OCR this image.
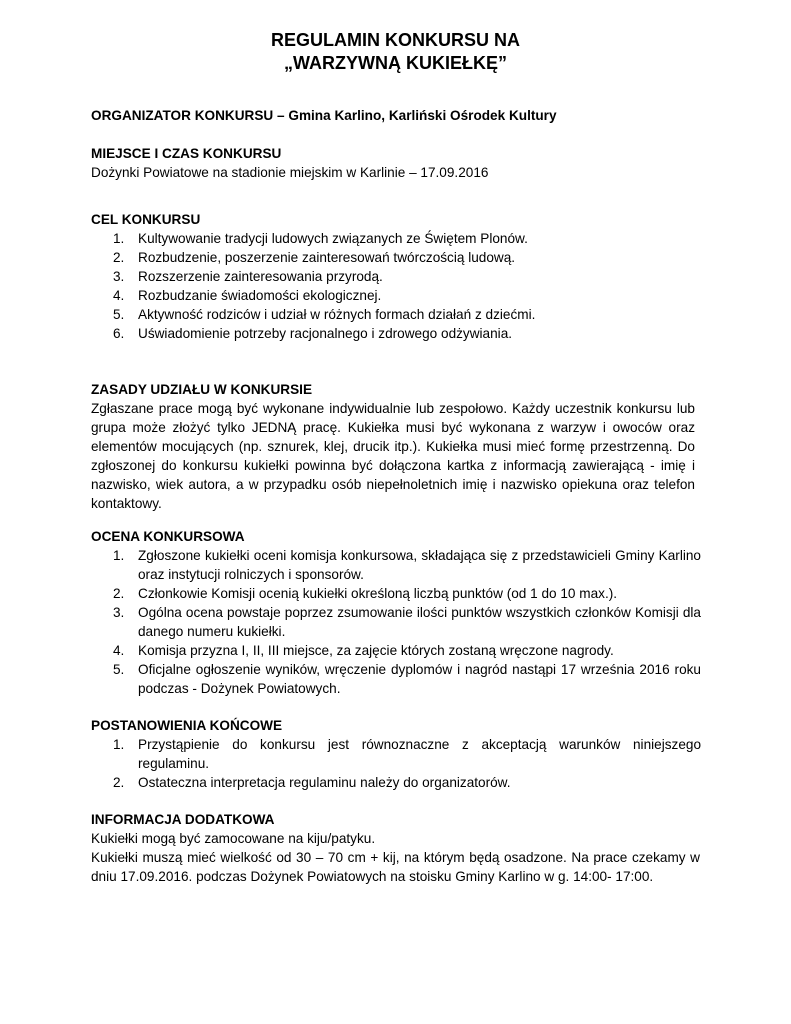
REGULAMIN KONKURSU NA
„WARZYWNĄ KUKIEŁKĘ”
ORGANIZATOR KONKURSU – Gmina Karlino, Karliński Ośrodek Kultury
MIEJSCE I CZAS KONKURSU
Dożynki Powiatowe na stadionie miejskim w Karlinie – 17.09.2016
CEL KONKURSU
1. Kultywowanie tradycji ludowych związanych ze Świętem Plonów.
2. Rozbudzenie, poszerzenie zainteresowań twórczością ludową.
3. Rozszerzenie zainteresowania przyrodą.
4. Rozbudzanie świadomości ekologicznej.
5. Aktywność rodziców i udział w różnych formach działań z dziećmi.
6. Uświadomienie potrzeby racjonalnego i zdrowego odżywiania.
ZASADY UDZIAŁU W KONKURSIE
Zgłaszane prace mogą być wykonane indywidualnie lub zespołowo. Każdy uczestnik konkursu lub grupa może złożyć tylko JEDNĄ pracę. Kukiełka musi być wykonana z warzyw i owoców oraz elementów mocujących (np. sznurek, klej, drucik itp.). Kukiełka musi mieć formę przestrzenną. Do zgłoszonej do konkursu kukiełki powinna być dołączona kartka z informacją zawierającą - imię i nazwisko, wiek autora, a w przypadku osób niepełnoletnich imię i nazwisko opiekuna oraz telefon kontaktowy.
OCENA KONKURSOWA
1. Zgłoszone kukiełki oceni komisja konkursowa, składająca się z przedstawicieli Gminy Karlino oraz instytucji rolniczych i sponsorów.
2. Członkowie Komisji ocenią kukiełki określoną liczbą punktów (od 1 do 10 max.).
3. Ogólna ocena powstaje poprzez zsumowanie ilości punktów wszystkich członków Komisji dla danego numeru kukiełki.
4. Komisja przyzna I, II, III miejsce, za zajęcie których zostaną wręczone nagrody.
5. Oficjalne ogłoszenie wyników, wręczenie dyplomów i nagród nastąpi 17 września 2016 roku podczas - Dożynek Powiatowych.
POSTANOWIENIA KOŃCOWE
1. Przystąpienie do konkursu jest równoznaczne z akceptacją warunków niniejszego regulaminu.
2. Ostateczna interpretacja regulaminu należy do organizatorów.
INFORMACJA DODATKOWA
Kukiełki mogą być zamocowane na kiju/patyku.
Kukiełki muszą mieć wielkość od 30 – 70 cm + kij, na którym będą osadzone. Na prace czekamy w dniu 17.09.2016. podczas Dożynek Powiatowych na stoisku Gminy Karlino w g. 14:00- 17:00.
